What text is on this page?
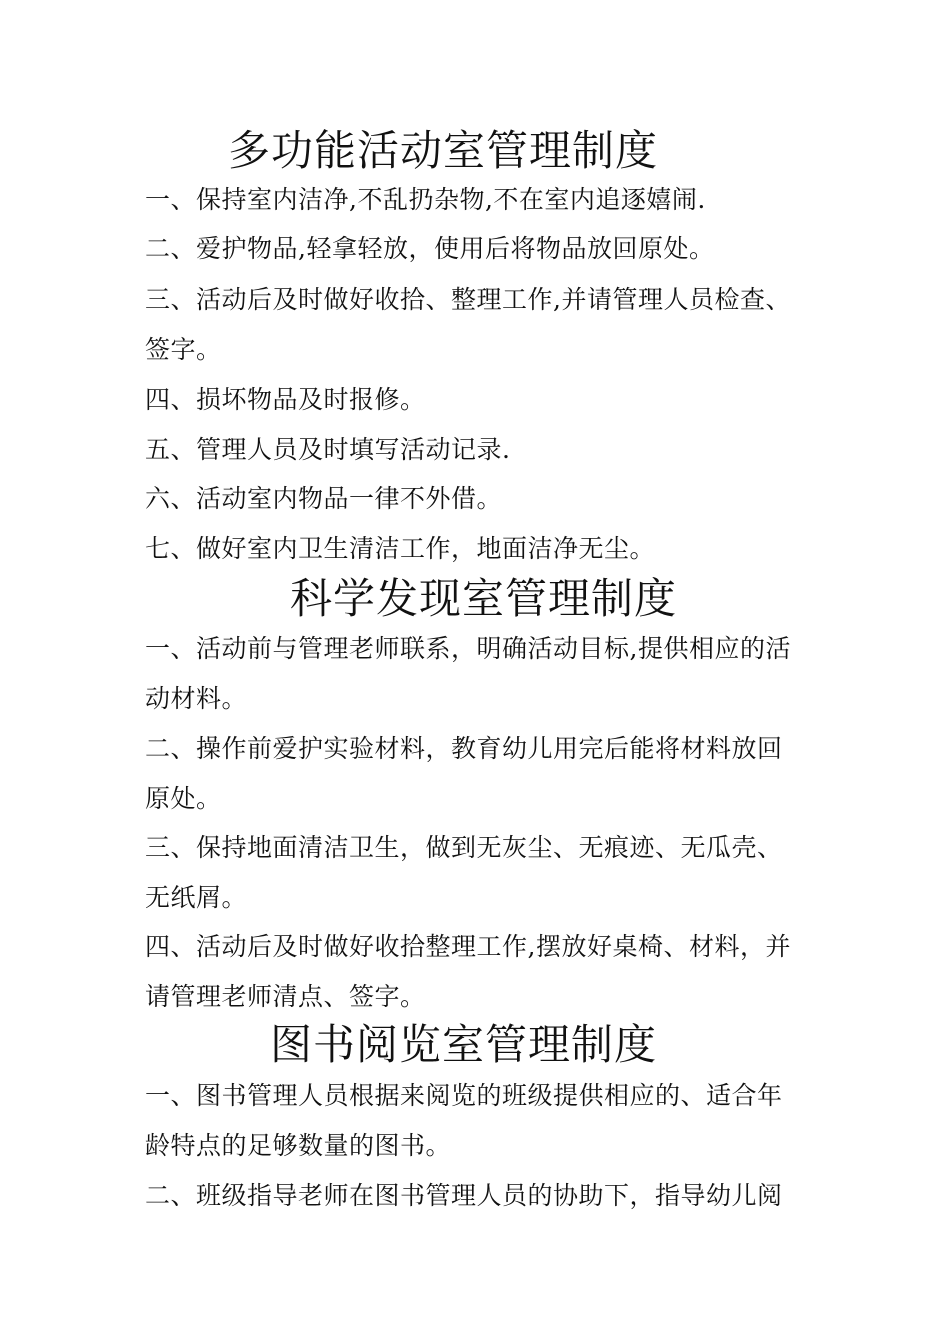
多功能活动室管理制度
一、保持室内洁净,不乱扔杂物,不在室内追逐嬉闹.
二、爱护物品,轻拿轻放，使用后将物品放回原处。
三、活动后及时做好收拾、整理工作,并请管理人员检查、
签字。
四、损坏物品及时报修。
五、管理人员及时填写活动记录.
六、活动室内物品一律不外借。
七、做好室内卫生清洁工作，地面洁净无尘。
科学发现室管理制度
一、活动前与管理老师联系，明确活动目标,提供相应的活
动材料。
二、操作前爱护实验材料，教育幼儿用完后能将材料放回
原处。
三、保持地面清洁卫生，做到无灰尘、无痕迹、无瓜壳、
无纸屑。
四、活动后及时做好收拾整理工作,摆放好桌椅、材料，并
请管理老师清点、签字。
图书阅览室管理制度
一、图书管理人员根据来阅览的班级提供相应的、适合年
龄特点的足够数量的图书。
二、班级指导老师在图书管理人员的协助下，指导幼儿阅
